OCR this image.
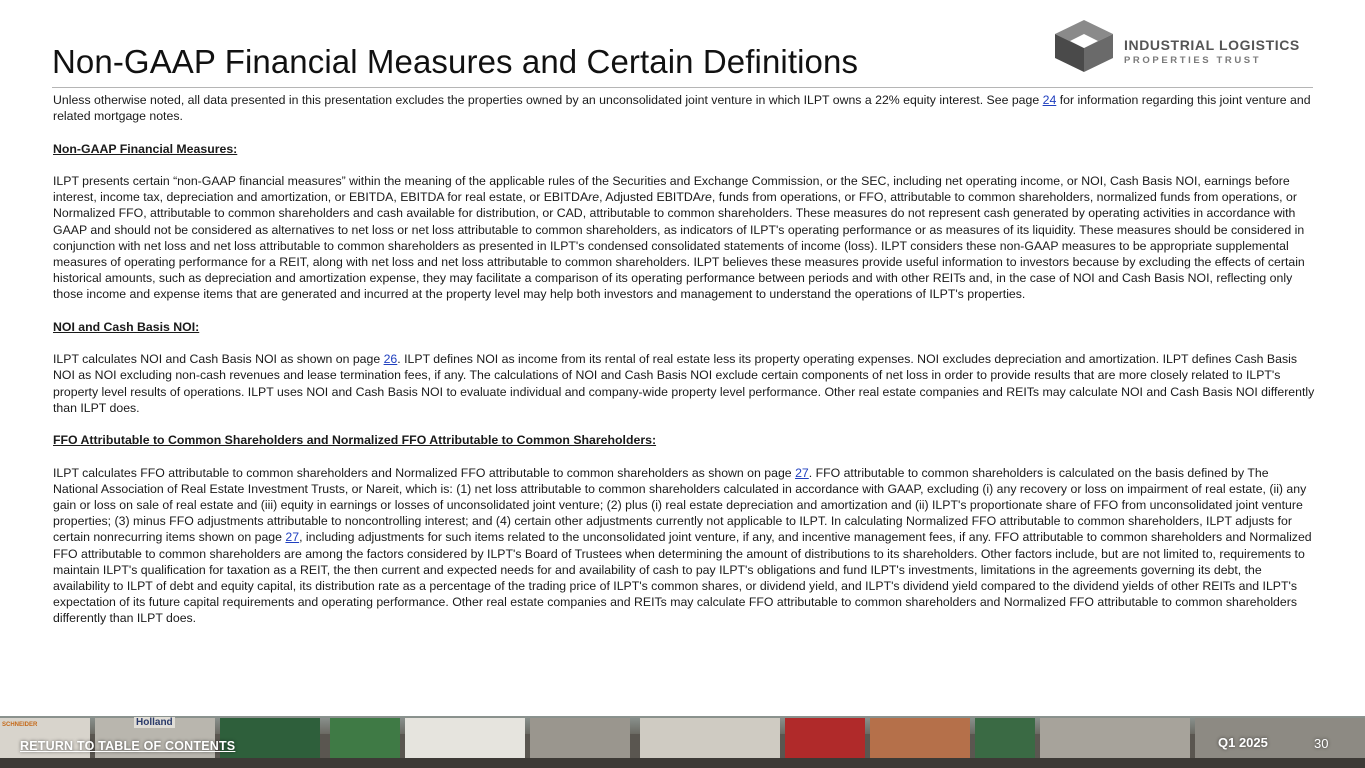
Non-GAAP Financial Measures and Certain Definitions	INDUSTRIAL LOGISTICS
PROPERTIES TRUST

Unless otherwise noted, all data presented in this presentation excludes the properties owned by an unconsolidated joint venture in which ILPT owns a 22% equity interest. See page 24 for information regarding this joint venture and related mortgage notes.

Non-GAAP Financial Measures:

ILPT presents certain “non-GAAP financial measures” within the meaning of the applicable rules of the Securities and Exchange Commission, or the SEC, including net operating income, or NOI, Cash Basis NOI, earnings before interest, income tax, depreciation and amortization, or EBITDA, EBITDA for real estate, or EBITDAre, Adjusted EBITDAre, funds from operations, or FFO, attributable to common shareholders, normalized funds from operations, or Normalized FFO, attributable to common shareholders and cash available for distribution, or CAD, attributable to common shareholders. These measures do not represent cash generated by operating activities in accordance with GAAP and should not be considered as alternatives to net loss or net loss attributable to common shareholders, as indicators of ILPT's operating performance or as measures of its liquidity. These measures should be considered in conjunction with net loss and net loss attributable to common shareholders as presented in ILPT's condensed consolidated statements of income (loss). ILPT considers these non-GAAP measures to be appropriate supplemental measures of operating performance for a REIT, along with net loss and net loss attributable to common shareholders. ILPT believes these measures provide useful information to investors because by excluding the effects of certain historical amounts, such as depreciation and amortization expense, they may facilitate a comparison of its operating performance between periods and with other REITs and, in the case of NOI and Cash Basis NOI, reflecting only those income and expense items that are generated and incurred at the property level may help both investors and management to understand the operations of ILPT's properties.

NOI and Cash Basis NOI:

ILPT calculates NOI and Cash Basis NOI as shown on page 26. ILPT defines NOI as income from its rental of real estate less its property operating expenses. NOI excludes depreciation and amortization. ILPT defines Cash Basis NOI as NOI excluding non-cash revenues and lease termination fees, if any. The calculations of NOI and Cash Basis NOI exclude certain components of net loss in order to provide results that are more closely related to ILPT's property level results of operations. ILPT uses NOI and Cash Basis NOI to evaluate individual and company-wide property level performance. Other real estate companies and REITs may calculate NOI and Cash Basis NOI differently than ILPT does.

FFO Attributable to Common Shareholders and Normalized FFO Attributable to Common Shareholders:

ILPT calculates FFO attributable to common shareholders and Normalized FFO attributable to common shareholders as shown on page 27. FFO attributable to common shareholders is calculated on the basis defined by The National Association of Real Estate Investment Trusts, or Nareit, which is: (1) net loss attributable to common shareholders calculated in accordance with GAAP, excluding (i) any recovery or loss on impairment of real estate, (ii) any gain or loss on sale of real estate and (iii) equity in earnings or losses of unconsolidated joint venture; (2) plus (i) real estate depreciation and amortization and (ii) ILPT's proportionate share of FFO from unconsolidated joint venture properties; (3) minus FFO adjustments attributable to noncontrolling interest; and (4) certain other adjustments currently not applicable to ILPT. In calculating Normalized FFO attributable to common shareholders, ILPT adjusts for certain nonrecurring items shown on page 27, including adjustments for such items related to the unconsolidated joint venture, if any, and incentive management fees, if any. FFO attributable to common shareholders and Normalized FFO attributable to common shareholders are among the factors considered by ILPT's Board of Trustees when determining the amount of distributions to its shareholders. Other factors include, but are not limited to, requirements to maintain ILPT's qualification for taxation as a REIT, the then current and expected needs for and availability of cash to pay ILPT's obligations and fund ILPT's investments, limitations in the agreements governing its debt, the availability to ILPT of debt and equity capital, its distribution rate as a percentage of the trading price of ILPT's common shares, or dividend yield, and ILPT's dividend yield compared to the dividend yields of other REITs and ILPT's expectation of its future capital requirements and operating performance. Other real estate companies and REITs may calculate FFO attributable to common shareholders and Normalized FFO attributable to common shareholders differently than ILPT does.

Holland
SCHNEIDER
RETURN TO TABLE OF CONTENTS	Q1 2025	30
